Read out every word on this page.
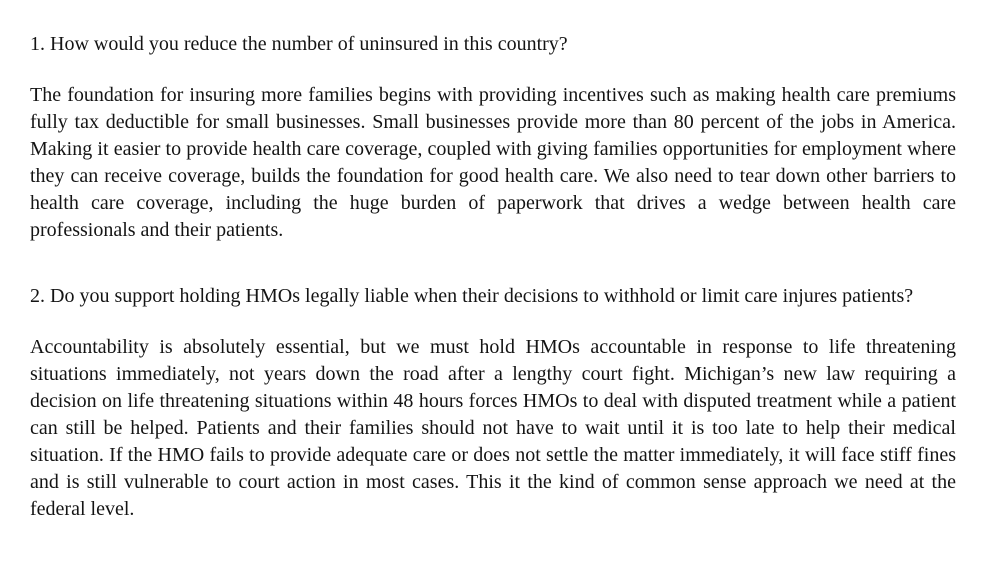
1. How would you reduce the number of uninsured in this country?

The foundation for insuring more families begins with providing incentives such as making health care premiums fully tax deductible for small businesses. Small businesses provide more than 80 percent of the jobs in America. Making it easier to provide health care coverage, coupled with giving families opportunities for employment where they can receive coverage, builds the foundation for good health care. We also need to tear down other barriers to health care coverage, including the huge burden of paperwork that drives a wedge between health care professionals and their patients.

2. Do you support holding HMOs legally liable when their decisions to withhold or limit care injures patients?

Accountability is absolutely essential, but we must hold HMOs accountable in response to life threatening situations immediately, not years down the road after a lengthy court fight. Michigan’s new law requiring a decision on life threatening situations within 48 hours forces HMOs to deal with disputed treatment while a patient can still be helped. Patients and their families should not have to wait until it is too late to help their medical situation. If the HMO fails to provide adequate care or does not settle the matter immediately, it will face stiff fines and is still vulnerable to court action in most cases. This it the kind of common sense approach we need at the federal level.
